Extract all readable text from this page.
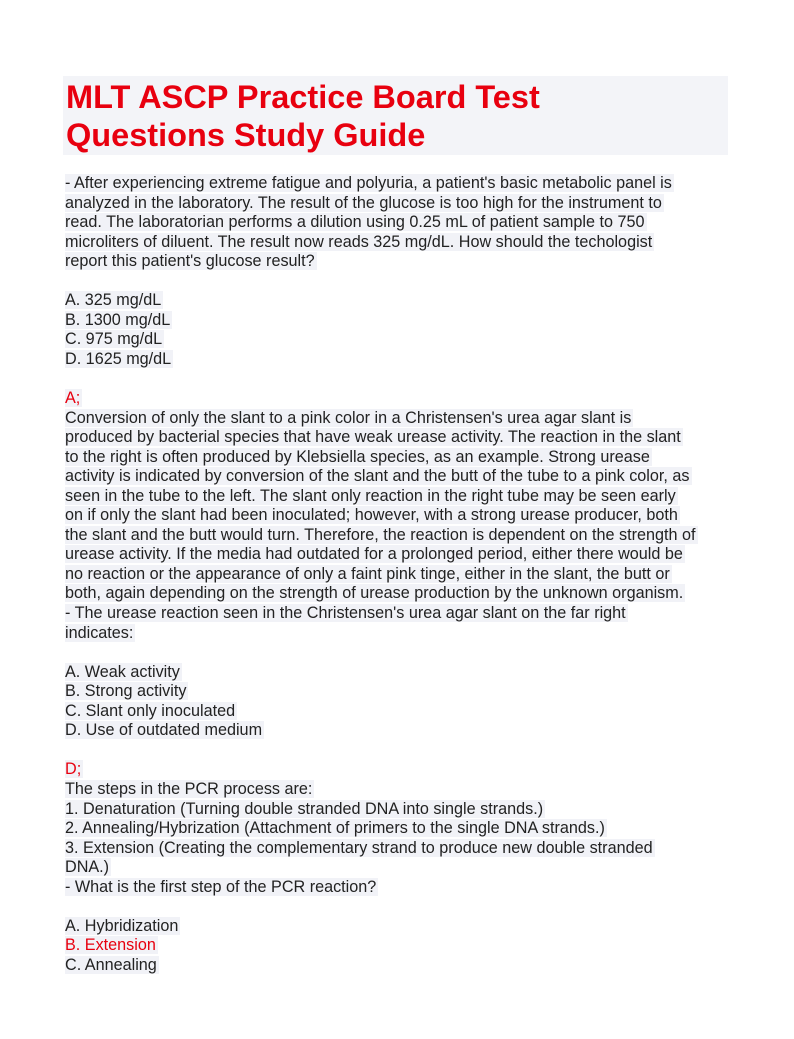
MLT ASCP Practice Board Test
Questions Study Guide
- After experiencing extreme fatigue and polyuria, a patient's basic metabolic panel is
analyzed in the laboratory. The result of the glucose is too high for the instrument to
read. The laboratorian performs a dilution using 0.25 mL of patient sample to 750
microliters of diluent. The result now reads 325 mg/dL. How should the techologist
report this patient's glucose result?
A. 325 mg/dL
B. 1300 mg/dL
C. 975 mg/dL
D. 1625 mg/dL
A;
Conversion of only the slant to a pink color in a Christensen's urea agar slant is
produced by bacterial species that have weak urease activity. The reaction in the slant
to the right is often produced by Klebsiella species, as an example. Strong urease
activity is indicated by conversion of the slant and the butt of the tube to a pink color, as
seen in the tube to the left. The slant only reaction in the right tube may be seen early
on if only the slant had been inoculated; however, with a strong urease producer, both
the slant and the butt would turn. Therefore, the reaction is dependent on the strength of
urease activity. If the media had outdated for a prolonged period, either there would be
no reaction or the appearance of only a faint pink tinge, either in the slant, the butt or
both, again depending on the strength of urease production by the unknown organism.
- The urease reaction seen in the Christensen's urea agar slant on the far right
indicates:
A. Weak activity
B. Strong activity
C. Slant only inoculated
D. Use of outdated medium
D;
The steps in the PCR process are:
1. Denaturation (Turning double stranded DNA into single strands.)
2. Annealing/Hybrization (Attachment of primers to the single DNA strands.)
3. Extension (Creating the complementary strand to produce new double stranded
DNA.)
- What is the first step of the PCR reaction?
A. Hybridization
B. Extension
C. Annealing
